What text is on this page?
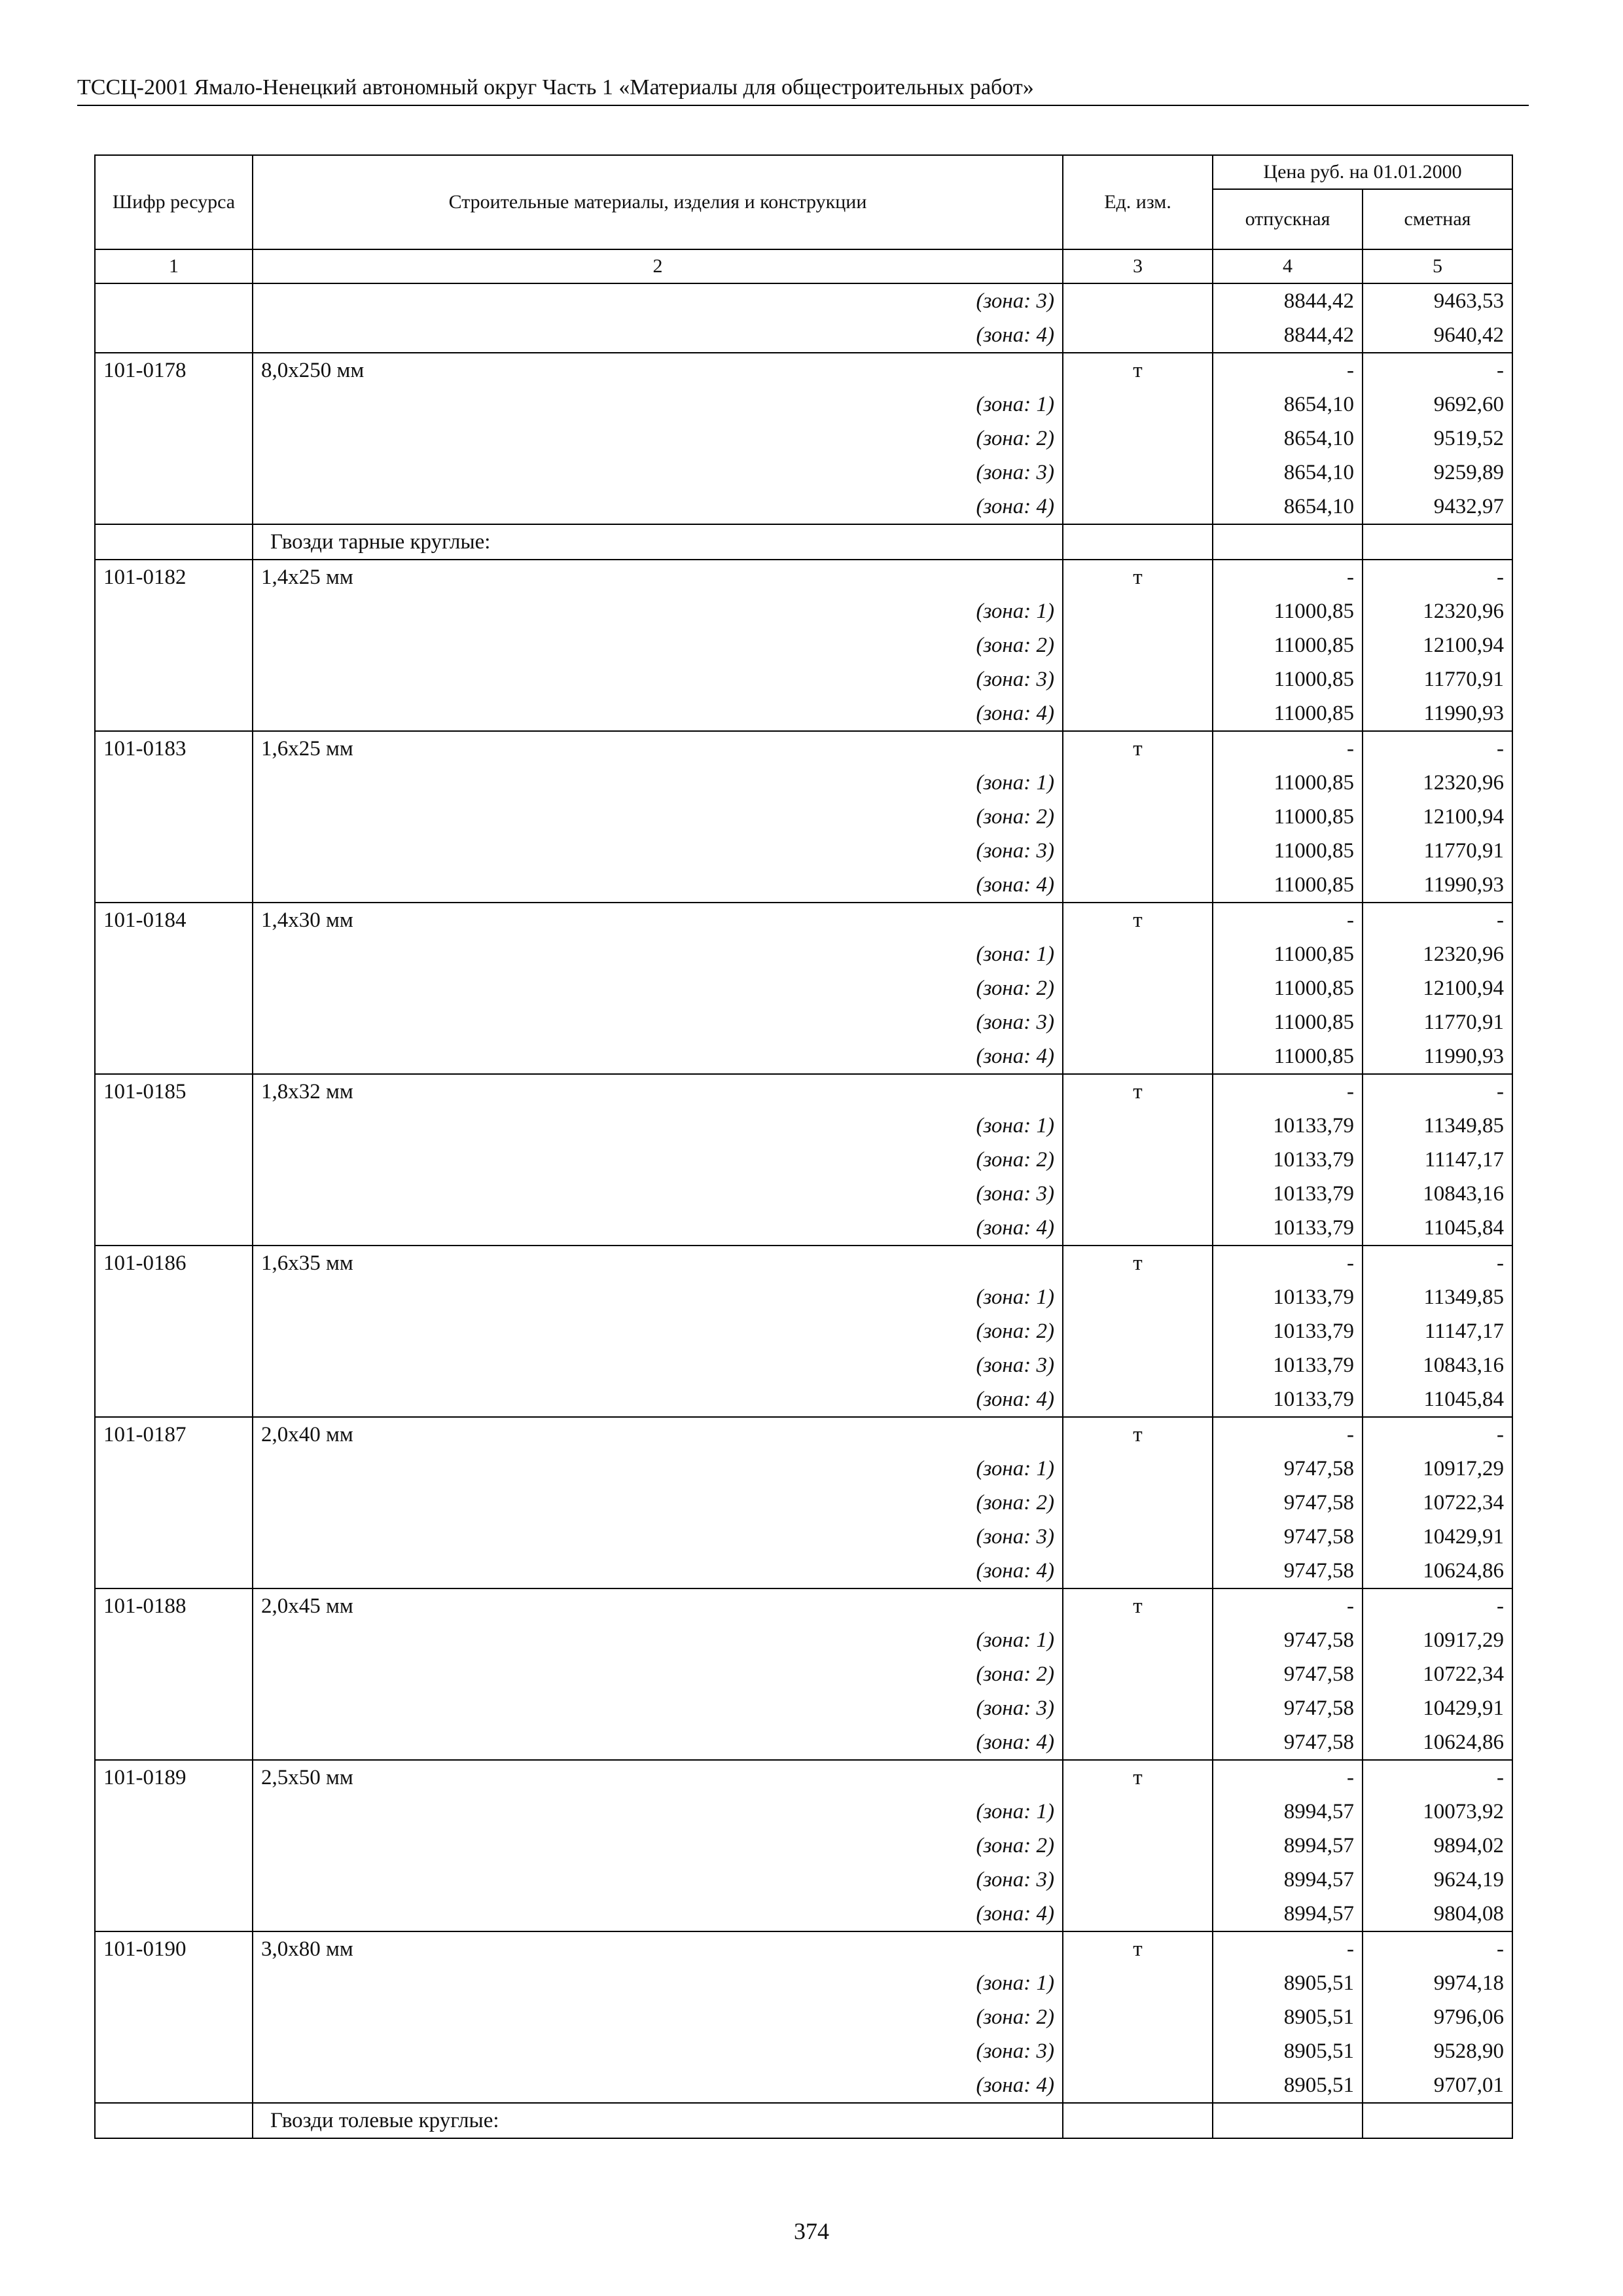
ТССЦ-2001 Ямало-Ненецкий автономный округ Часть 1 «Материалы для общестроительных работ»
Шифр ресурса	Строительные материалы, изделия и конструкции	Ед. изм.	Цена руб. на 01.01.2000	
			отпускная	сметная
1	2	3	4	5
	(зона: 3)		8844,42	9463,53
	(зона: 4)		8844,42	9640,42
101-0178	8,0х250 мм	т	-	-
	(зона: 1)		8654,10	9692,60
	(зона: 2)		8654,10	9519,52
	(зона: 3)		8654,10	9259,89
	(зона: 4)		8654,10	9432,97
	Гвозди тарные круглые:			
101-0182	1,4х25 мм	т	-	-
	(зона: 1)		11000,85	12320,96
	(зона: 2)		11000,85	12100,94
	(зона: 3)		11000,85	11770,91
	(зона: 4)		11000,85	11990,93
101-0183	1,6х25 мм	т	-	-
	(зона: 1)		11000,85	12320,96
	(зона: 2)		11000,85	12100,94
	(зона: 3)		11000,85	11770,91
	(зона: 4)		11000,85	11990,93
101-0184	1,4х30 мм	т	-	-
	(зона: 1)		11000,85	12320,96
	(зона: 2)		11000,85	12100,94
	(зона: 3)		11000,85	11770,91
	(зона: 4)		11000,85	11990,93
101-0185	1,8х32 мм	т	-	-
	(зона: 1)		10133,79	11349,85
	(зона: 2)		10133,79	11147,17
	(зона: 3)		10133,79	10843,16
	(зона: 4)		10133,79	11045,84
101-0186	1,6х35 мм	т	-	-
	(зона: 1)		10133,79	11349,85
	(зона: 2)		10133,79	11147,17
	(зона: 3)		10133,79	10843,16
	(зона: 4)		10133,79	11045,84
101-0187	2,0х40 мм	т	-	-
	(зона: 1)		9747,58	10917,29
	(зона: 2)		9747,58	10722,34
	(зона: 3)		9747,58	10429,91
	(зона: 4)		9747,58	10624,86
101-0188	2,0х45 мм	т	-	-
	(зона: 1)		9747,58	10917,29
	(зона: 2)		9747,58	10722,34
	(зона: 3)		9747,58	10429,91
	(зона: 4)		9747,58	10624,86
101-0189	2,5х50 мм	т	-	-
	(зона: 1)		8994,57	10073,92
	(зона: 2)		8994,57	9894,02
	(зона: 3)		8994,57	9624,19
	(зона: 4)		8994,57	9804,08
101-0190	3,0х80 мм	т	-	-
	(зона: 1)		8905,51	9974,18
	(зона: 2)		8905,51	9796,06
	(зона: 3)		8905,51	9528,90
	(зона: 4)		8905,51	9707,01
	Гвозди толевые круглые:			
374
